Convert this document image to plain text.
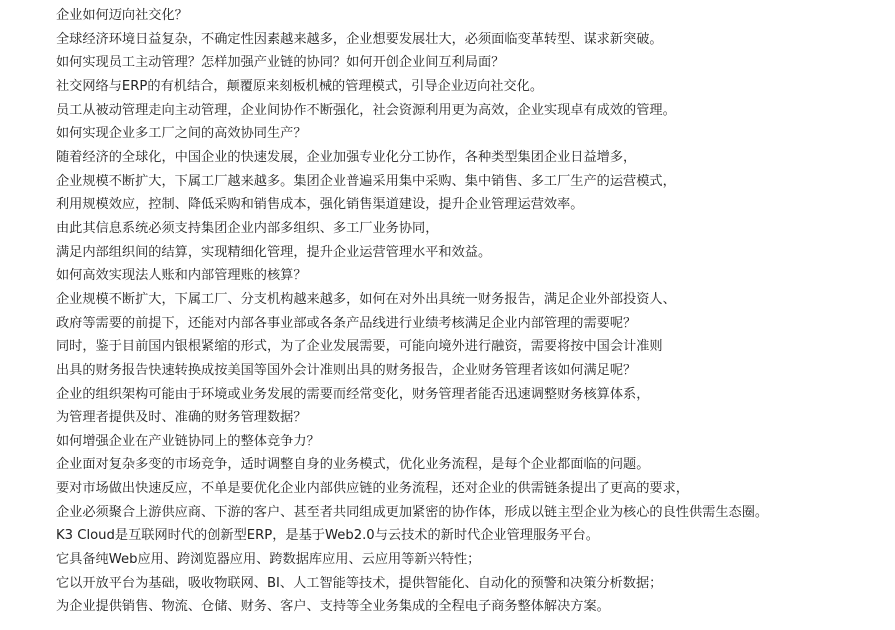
企业如何迈向社交化？
全球经济环境日益复杂，不确定性因素越来越多，企业想要发展壮大，必须面临变革转型、谋求新突破。
如何实现员工主动管理？怎样加强产业链的协同？如何开创企业间互利局面？
社交网络与ERP的有机结合，颠覆原来刻板机械的管理模式，引导企业迈向社交化。
员工从被动管理走向主动管理，企业间协作不断强化，社会资源利用更为高效，企业实现卓有成效的管理。
如何实现企业多工厂之间的高效协同生产？
随着经济的全球化，中国企业的快速发展，企业加强专业化分工协作，各种类型集团企业日益增多，
企业规模不断扩大，下属工厂越来越多。集团企业普遍采用集中采购、集中销售、多工厂生产的运营模式，
利用规模效应，控制、降低采购和销售成本，强化销售渠道建设，提升企业管理运营效率。
由此其信息系统必须支持集团企业内部多组织、多工厂业务协同，
满足内部组织间的结算，实现精细化管理，提升企业运营管理水平和效益。
如何高效实现法人账和内部管理账的核算？
企业规模不断扩大，下属工厂、分支机构越来越多，如何在对外出具统一财务报告，满足企业外部投资人、
政府等需要的前提下，还能对内部各事业部或各条产品线进行业绩考核满足企业内部管理的需要呢？
同时，鉴于目前国内银根紧缩的形式，为了企业发展需要，可能向境外进行融资，需要将按中国会计准则
出具的财务报告快速转换成按美国等国外会计准则出具的财务报告，企业财务管理者该如何满足呢？
企业的组织架构可能由于环境或业务发展的需要而经常变化，财务管理者能否迅速调整财务核算体系，
为管理者提供及时、准确的财务管理数据？
如何增强企业在产业链协同上的整体竞争力？
企业面对复杂多变的市场竞争，适时调整自身的业务模式，优化业务流程，是每个企业都面临的问题。
要对市场做出快速反应，不单是要优化企业内部供应链的业务流程，还对企业的供需链条提出了更高的要求，
企业必须聚合上游供应商、下游的客户、甚至者共同组成更加紧密的协作体，形成以链主型企业为核心的良性供需生态圈。
K3 Cloud是互联网时代的创新型ERP，是基于Web2.0与云技术的新时代企业管理服务平台。
它具备纯Web应用、跨浏览器应用、跨数据库应用、云应用等新兴特性；
它以开放平台为基础，吸收物联网、BI、人工智能等技术，提供智能化、自动化的预警和决策分析数据；
为企业提供销售、物流、仓储、财务、客户、支持等全业务集成的全程电子商务整体解决方案。
